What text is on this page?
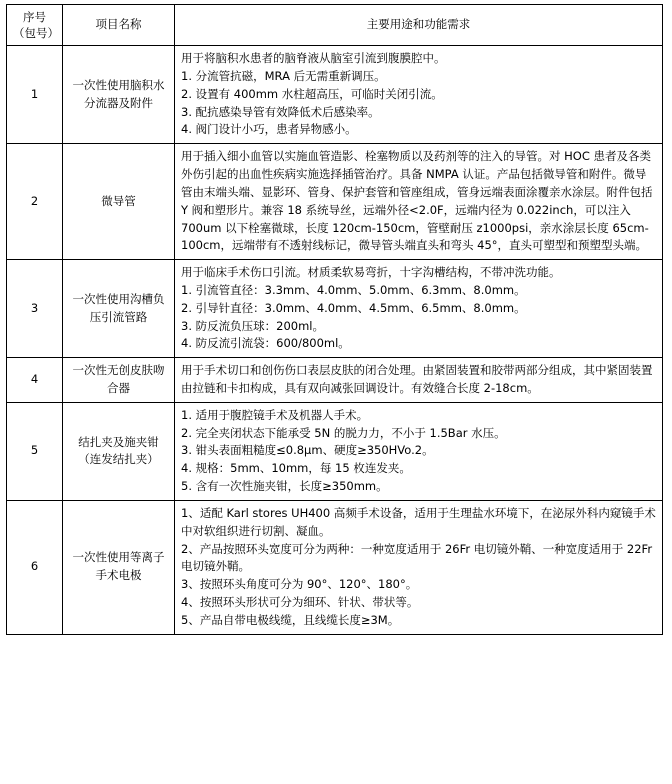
序号
（包号）	项目名称	主要用途和功能需求
1	一次性使用脑积水分流器及附件	用于将脑积水患者的脑脊液从脑室引流到腹膜腔中。

1. 分流管抗磁，MRA 后无需重新调压。

2. 设置有 400mm 水柱超高压，可临时关闭引流。

3. 配抗感染导管有效降低术后感染率。

4. 阀门设计小巧，患者异物感小。

2	微导管	用于插入细小血管以实施血管造影、栓塞物质以及药剂等的注入的导管。对 HOC 患者及各类外伤引起的出血性疾病实施选择插管治疗。具备 NMPA 认证。产品包括微导管和附件。微导管由末端头端、显影环、管身、保护套管和管座组成，管身远端表面涂覆亲水涂层。附件包括 Y 阀和塑形片。兼容 18 系统导丝，远端外径<2.0F，远端内径为 0.022inch，可以注入 700um 以下栓塞微球，长度 120cm-150cm，管壁耐压 z1000psi，亲水涂层长度 65cm-100cm，远端带有不透射线标记，微导管头端直头和弯头 45°，直头可塑型和预塑型头端。

3	一次性使用沟槽负压引流管路	用于临床手术伤口引流。材质柔软易弯折，十字沟槽结构，不带冲洗功能。

1. 引流管直径：3.3mm、4.0mm、5.0mm、6.3mm、8.0mm。

2. 引导针直径：3.0mm、4.0mm、4.5mm、6.5mm、8.0mm。

3. 防反流负压球：200ml。

4. 防反流引流袋：600/800ml。

4	一次性无创皮肤吻合器	用于手术切口和创伤伤口表层皮肤的闭合处理。由紧固装置和胶带两部分组成，其中紧固装置由拉链和卡扣构成，具有双向减张回调设计。有效缝合长度 2-18cm。

5	结扎夹及施夹钳（连发结扎夹）	1. 适用于腹腔镜手术及机器人手术。

2. 完全夹闭状态下能承受 5N 的脱力力，不小于 1.5Bar 水压。

3. 钳头表面粗糙度≤0.8μm、硬度≥350HVo.2。

4. 规格：5mm、10mm，每 15 枚连发夹。

5. 含有一次性施夹钳，长度≥350mm。

6	一次性使用等离子手术电极	1、适配 Karl stores UH400 高频手术设备，适用于生理盐水环境下，在泌尿外科内窥镜手术中对软组织进行切割、凝血。

2、产品按照环头宽度可分为两种：一种宽度适用于 26Fr 电切镜外鞘、一种宽度适用于 22Fr 电切镜外鞘。

3、按照环头角度可分为 90°、120°、180°。

4、按照环头形状可分为细环、针状、带状等。

5、产品自带电极线缆，且线缆长度≥3M。
